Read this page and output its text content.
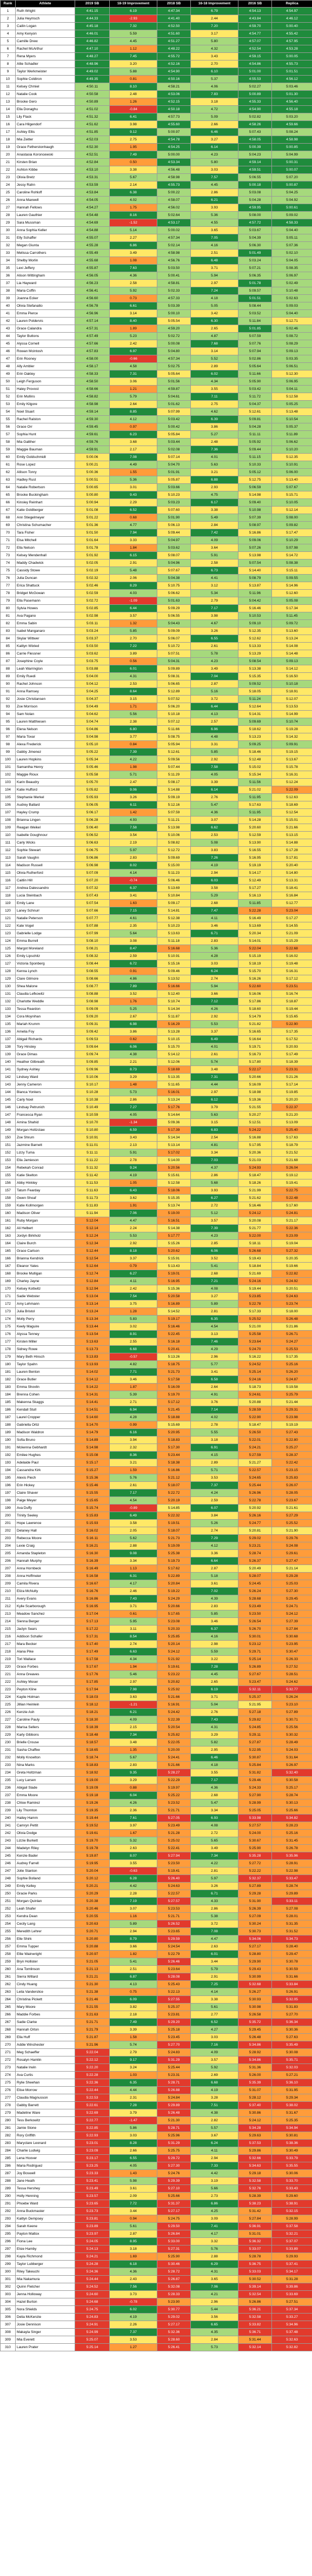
Rank	Athlete	2019 SB	18-19 Improvement	2018 SB	16-18 Improvement	2016 SB	Replica
1	Ruth Wright	4:41.15	6.19	4:47.34	6.79	4:54.13	4:54.97
2	Julia Heymsch	4:44.33	-2.93	4:41.40	2.44	4:43.84	4:46.12
3	Cailin Logan	4:45.18	7.32	4:52.50	7.20	4:59.70	5:00.40
4	Amy Kenyon	4:46.01	5.59	4:51.60	3.17	4:54.77	4:55.42
5	Camille Drew	4:46.82	4.45	4:51.27	5.80	4:57.07	4:57.95
6	Rachel McArthur	4:47.10	1.12	4:48.22	4.32	4:52.54	4:53.28
7	Rena Myers	4:48.27	7.45	4:55.72	3.43	4:59.15	5:00.05
8	Allie Schadler	4:48.96	3.20	4:52.16	2.70	4:54.86	4:55.73
9	Taylor Werkmeister	4:49.02	5.88	4:54.90	6.10	5:01.00	5:01.51
10	Sophie Coldiron	4:49.35	0.81	4:50.16	5.37	4:55.53	4:56.12
11	Kelsey Chmiel	4:50.11	8.10	4:58.21	4.06	5:02.27	5:03.46
12	Natalie Cook	4:50.58	2.48	4:53.06	7.83	5:00.89	5:01.30
13	Brooke Gero	4:50.89	1.26	4:52.15	3.18	4:55.33	4:56.40
14	Ella Donaghu	4:51.02	-0.84	4:50.18	4.72	4:54.90	4:55.18
15	Lily Flack	4:51.32	6.41	4:57.73	5.09	5:02.82	5:03.20
16	Cara Hilgendorf	4:51.62	3.98	4:55.60	2.66	4:58.26	4:59.66
17	Ashley Ellis	4:51.85	9.12	5:00.97	6.46	5:07.43	5:08.24
18	Mia Zeitler	4:52.03	2.75	4:54.78	3.27	4:58.05	4:58.98
19	Grace Fetherstonhaugh	4:52.30	1.95	4:54.25	6.14	5:00.39	5:00.85
20	Anastasia Koroncewski	4:52.51	7.49	5:00.00	4.23	5:04.23	5:04.99
21	Kirsten Brian	4:52.84	0.50	4:53.34	5.80	4:59.14	5:00.31
22	Ashton Kibbe	4:53.10	3.38	4:56.48	3.03	4:59.51	5:00.07
23	Olivia Bretz	4:53.31	5.67	4:58.98	7.57	5:06.55	5:07.20
24	Jessy Rahn	4:53.59	2.14	4:55.73	4.45	5:00.18	5:00.87
25	Caroline Rohloff	4:53.84	6.38	5:00.22	2.86	5:03.08	5:04.25
26	Anna Maxwell	4:54.05	4.02	4:58.07	6.21	5:04.28	5:04.92
27	Hannah Fellows	4:54.27	1.75	4:56.02	3.93	4:59.95	5:00.61
28	Lauren Gauthier	4:54.48	8.16	5:02.64	5.36	5:08.00	5:09.02
29	Sara Mussman	4:54.69	-1.52	4:53.17	4.55	4:57.72	4:58.33
30	Anna Sophia Keller	4:54.88	5.14	5:00.02	3.65	5:03.67	5:04.40
31	Elly Schaffer	4:55.07	2.27	4:57.34	7.05	5:04.39	5:05.11
32	Megan Giunta	4:55.28	6.86	5:02.14	4.16	5:06.30	5:07.36
33	Melissa Carrothers	4:55.49	3.49	4:58.98	2.51	5:01.49	5:02.10
34	Shelby Morlin	4:55.68	1.08	4:56.76	6.48	5:03.24	5:04.05
35	Lexi Jeffery	4:55.87	7.63	5:03.50	3.71	5:07.21	5:08.35
36	Alison Wittingham	4:56.05	4.36	5:00.41	5.94	5:06.35	5:06.97
37	Lia Hayward	4:56.23	2.58	4:58.81	2.97	5:01.78	5:02.49
38	Maria Coffin	4:56.41	5.92	5:02.33	7.24	5:09.57	5:10.48
39	Joanna Ecker	4:56.60	0.73	4:57.33	4.18	5:01.51	5:02.63
40	Olivia Stefanatto	4:56.78	6.61	5:03.39	5.05	5:08.44	5:09.03
41	Emma Pierce	4:56.96	3.14	5:00.10	3.42	5:03.52	5:04.40
42	Lauren Poldervis	4:57.14	8.40	5:05.54	6.30	5:11.84	5:12.71
43	Grace Calandra	4:57.31	1.89	4:59.20	2.65	5:01.85	5:02.46
44	Taylor Buttons	4:57.49	5.23	5:02.72	4.87	5:07.59	5:08.72
45	Alyssa Cornell	4:57.66	2.42	5:00.08	7.68	5:07.76	5:08.29
46	Rowan Mcintosh	4:57.83	6.97	5:04.80	3.14	5:07.94	5:09.13
47	Erin Rooney	4:58.00	-0.66	4:57.34	5.52	5:02.86	5:03.35
48	Ally Ambler	4:58.17	4.58	5:02.75	2.89	5:05.64	5:06.51
49	Erin Oakley	4:58.33	7.31	5:05.64	6.02	5:11.66	5:12.30
50	Leigh Ferguson	4:58.50	3.06	5:01.56	4.34	5:05.90	5:06.95
51	Haley Provost	4:58.66	1.21	4:59.87	3.55	5:03.42	5:04.11
52	Erin Mullins	4:58.82	5.79	5:04.61	7.11	5:11.72	5:12.58
53	Emily Kilgore	4:58.98	2.64	5:01.62	2.75	5:04.37	5:05.25
54	Noel Stuart	4:59.14	8.85	5:07.99	4.62	5:12.61	5:13.48
55	Rachel Ralston	4:59.30	4.12	5:03.42	6.39	5:09.81	5:10.54
56	Grace Orr	4:59.45	0.97	5:00.42	3.86	5:04.28	5:05.37
57	Sophia Hunt	4:59.61	6.23	5:05.84	5.27	5:11.11	5:11.89
58	Mia Galliher	4:59.76	3.68	5:03.44	2.48	5:05.92	5:06.62
59	Maggie Bauman	4:59.91	2.17	5:02.08	7.36	5:09.44	5:10.20
60	Emily Goldschmidt	5:00.06	7.08	5:07.14	4.01	5:11.15	5:12.35
61	Rose Lopez	5:00.21	4.49	5:04.70	5.63	5:10.33	5:10.91
62	Allison Tonry	5:00.36	1.55	5:01.91	3.21	5:05.12	5:06.00
63	Hadley Rust	5:00.51	5.36	5:05.87	6.88	5:12.75	5:13.40
64	Natalie Robertson	5:00.65	3.01	5:03.66	2.93	5:06.59	5:07.67
65	Brooke Buckingham	5:00.80	9.43	5:10.23	4.75	5:14.98	5:15.71
66	Kinsley Reinhart	5:00.94	2.29	5:03.23	6.17	5:09.40	5:10.05
67	Katie Goldberger	5:01.08	6.52	5:07.60	3.38	5:10.98	5:12.14
68	Ann Stiegelmeyer	5:01.22	0.68	5:01.90	5.49	5:07.39	5:08.00
69	Christina Schumacher	5:01.36	4.77	5:06.13	2.84	5:08.97	5:09.82
70	Tara Fisher	5:01.50	7.94	5:09.44	7.42	5:16.86	5:17.47
71	Elsa Mitchell	5:01.64	3.33	5:04.97	4.09	5:09.06	5:10.29
72	Ella Nelson	5:01.78	1.84	5:03.62	3.64	5:07.26	5:07.98
73	Kelsey Mendenhall	5:01.92	6.15	5:08.07	5.91	5:13.98	5:14.72
74	Maddy Chadwick	5:02.05	2.91	5:04.96	2.58	5:07.54	5:08.38
75	Cassidy Stowe	5:02.19	5.48	5:07.67	6.73	5:14.40	5:15.11
76	Julia Duncan	5:02.32	2.06	5:04.38	4.41	5:08.79	5:09.55
77	Erica Shattuck	5:02.46	8.29	5:10.75	3.12	5:13.87	5:14.96
78	Bridget McGowan	5:02.59	4.03	5:06.62	5.34	5:11.96	5:12.60
79	Ella Pasemann	5:02.72	-1.09	5:01.63	2.79	5:04.42	5:05.08
80	Sylvia Howes	5:02.85	6.44	5:09.29	7.17	5:16.46	5:17.34
81	Ava Pagano	5:02.98	3.57	5:06.55	3.98	5:10.53	5:11.45
82	Emma Sabin	5:03.11	1.32	5:04.43	4.67	5:09.10	5:09.72
83	Isabel Manganaro	5:03.24	5.85	5:09.09	3.26	5:12.35	5:13.60
84	Skylar Wittwer	5:03.37	2.70	5:06.07	6.55	5:12.62	5:13.24
85	Kaitlyn Wixted	5:03.50	7.22	5:10.72	2.61	5:13.33	5:14.08
86	Carrie Flessner	5:03.62	3.89	5:07.51	5.78	5:13.29	5:14.48
87	Josephine Coyle	5:03.75	0.56	5:04.31	4.23	5:08.54	5:09.13
88	Leah Warrington	5:03.88	6.01	5:09.89	3.49	5:13.38	5:14.12
89	Emily Ruedi	5:04.00	4.31	5:08.31	7.04	5:15.35	5:16.50
90	Rachel Johnson	5:04.12	2.53	5:06.65	2.87	5:09.52	5:10.18
91	Anna Ramsey	5:04.25	8.64	5:12.89	5.16	5:18.05	5:18.91
92	Josie Christiansen	5:04.37	3.15	5:07.52	3.72	5:11.24	5:12.07
93	Zoe Morrison	5:04.49	1.71	5:06.20	6.44	5:12.64	5:13.53
94	Sam Nolan	5:04.62	5.56	5:10.18	4.13	5:14.31	5:14.99
95	Lauren Matthiesen	5:04.74	2.38	5:07.12	2.57	5:09.69	5:10.74
96	Elena Nelson	5:04.86	6.80	5:11.66	6.96	5:18.62	5:19.28
97	Maria Tovar	5:04.98	3.77	5:08.75	4.48	5:13.23	5:14.32
98	Alexa Frederick	5:05.10	0.84	5:05.94	3.31	5:09.25	5:09.91
99	Gabby Jimenez	5:05.22	7.39	5:12.61	5.85	5:18.46	5:19.15
100	Lauren Hopkins	5:05.34	4.22	5:09.56	2.92	5:12.48	5:13.67
101	Samantha Henry	5:05.46	1.98	5:07.44	7.58	5:15.02	5:15.78
102	Maggie Rioux	5:05.58	5.71	5:11.29	4.05	5:15.34	5:16.31
103	Karin Beaudry	5:05.70	2.47	5:08.17	3.39	5:11.56	5:12.24
104	Katie Hufford	5:05.82	9.06	5:14.88	6.14	5:21.02	5:22.09
105	Stephanie Merkel	5:05.93	3.26	5:09.19	2.76	5:11.95	5:12.63
106	Audrey Ballard	5:06.05	6.11	5:12.16	5.47	5:17.63	5:18.69
107	Hayley Crump	5:06.17	1.42	5:07.59	4.36	5:11.95	5:12.54
108	Brianna Lingen	5:06.28	4.93	5:11.21	3.07	5:14.28	5:15.01
109	Reagan Weikel	5:06.40	7.58	5:13.98	6.62	5:20.60	5:21.66
110	Isabelle Goughnour	5:06.52	3.54	5:10.06	2.53	5:12.59	5:13.15
111	Carly Wicks	5:06.63	2.19	5:08.82	5.08	5:13.90	5:14.88
112	Sophie Stewart	5:06.75	5.97	5:12.72	3.83	5:16.55	5:17.28
113	Sarah Vaughn	5:06.86	2.83	5:09.69	7.26	5:16.95	5:17.81
114	Madison Russell	5:06.98	8.02	5:15.00	4.19	5:19.19	5:20.40
115	Olivia Rutherford	5:07.09	4.14	5:11.23	2.94	5:14.17	5:14.80
116	Caitlin Hill	5:07.20	-0.74	5:06.46	6.03	5:12.49	5:13.31
117	Andrea Dalessandro	5:07.32	6.37	5:13.69	3.58	5:17.27	5:18.41
118	Lucia Steinbach	5:07.43	3.41	5:10.84	5.29	5:16.13	5:16.84
119	Emily Lane	5:07.54	1.63	5:09.17	2.68	5:11.85	5:12.77
120	Laney Schnurr	5:07.66	7.15	5:14.81	7.47	5:22.28	5:23.04
121	Natalie Peterson	5:07.77	4.61	5:12.38	4.11	5:16.49	5:17.27
122	Kate Vogel	5:07.88	2.35	5:10.23	3.46	5:13.69	5:14.55
123	Gabrielle Lodge	5:07.99	5.64	5:13.63	6.71	5:20.34	5:21.09
124	Emma Burrell	5:08.10	3.08	5:11.18	2.83	5:14.01	5:15.29
125	Margot Moreland	5:08.21	8.47	5:16.68	5.36	5:22.04	5:22.68
126	Emily Lipschitz	5:08.32	2.59	5:10.91	4.28	5:15.19	5:16.02
127	Victoria Sponberg	5:08.44	6.72	5:15.16	3.03	5:18.19	5:19.48
128	Kenna Lynch	5:08.55	0.91	5:09.46	6.24	5:15.70	5:16.31
129	Clare Gilmore	5:08.66	4.86	5:13.52	2.74	5:16.26	5:17.12
130	Shea Malone	5:08.77	7.89	5:16.66	5.94	5:22.60	5:23.51
131	Claudia Lefkowitz	5:08.88	3.52	5:12.40	3.66	5:16.06	5:16.74
132	Charlotte Weddle	5:08.98	1.76	5:10.74	7.12	5:17.86	5:18.87
133	Tessa Reardon	5:09.09	5.25	5:14.34	4.26	5:18.60	5:19.44
134	Cora Moynihan	5:09.20	2.67	5:11.87	2.92	5:14.79	5:15.65
135	Mariah Krumm	5:09.31	6.98	5:16.29	5.53	5:21.82	5:22.90
136	Amelia Foy	5:09.42	3.86	5:13.28	3.37	5:16.65	5:17.35
137	Abigail Richards	5:09.53	0.62	5:10.15	6.49	5:16.64	5:17.52
138	Tory Hinsley	5:09.64	6.06	5:15.70	4.01	5:19.71	5:20.93
139	Grace Dimas	5:09.74	4.38	5:14.12	2.61	5:16.73	5:17.49
140	Heather Gilbreath	5:09.85	2.21	5:12.06	5.74	5:17.80	5:18.39
141	Sydney Ashley	5:09.96	8.73	5:18.69	3.48	5:22.17	5:23.31
142	Lindsey Ward	5:10.06	3.29	5:13.35	7.31	5:20.66	5:21.26
143	Jenny Cameron	5:10.17	1.48	5:11.65	4.44	5:16.09	5:17.14
144	Bianca Yonkers	5:10.28	5.73	5:16.01	2.97	5:18.98	5:19.85
145	Carly Noel	5:10.38	2.86	5:13.24	6.12	5:19.36	5:20.20
146	Lindsay Petrunich	5:10.49	7.27	5:17.76	3.79	5:21.55	5:22.37
147	Francesca Ryan	5:10.59	4.05	5:14.64	5.63	5:20.27	5:21.20
148	Amina Shahid	5:10.70	-1.34	5:09.36	3.15	5:12.51	5:13.09
149	Morgan Holtzclaw	5:10.80	6.59	5:17.39	6.83	5:24.22	5:25.40
150	Zoe Shrum	5:10.91	3.43	5:14.34	2.54	5:16.88	5:17.63
151	Jazmine Barnett	5:11.01	2.13	5:13.14	4.81	5:17.95	5:18.79
152	Lizzy Tuma	5:11.11	5.91	5:17.02	3.34	5:20.36	5:21.52
153	Ella Jamieson	5:11.22	2.78	5:14.00	7.03	5:21.03	5:21.68
154	Rebekah Conrad	5:11.32	9.24	5:20.56	4.37	5:24.93	5:26.04
155	Katie Skelton	5:11.42	4.19	5:15.61	2.86	5:18.47	5:19.12
156	Abby Hinkley	5:11.53	1.05	5:12.58	5.68	5:18.26	5:19.41
157	Tatum Fearday	5:11.63	6.43	5:18.06	3.93	5:21.99	5:22.75
158	Gwen Shoaf	5:11.73	3.62	5:15.35	6.27	5:21.62	5:22.48
159	Katie Kollmorgen	5:11.83	1.91	5:13.74	2.72	5:16.46	5:17.60
160	Madison Oliver	5:11.94	7.06	5:19.00	5.12	5:24.12	5:24.81
161	Ruby Morgan	5:12.04	4.47	5:16.51	3.57	5:20.08	5:21.17
162	Ali Helbert	5:12.14	2.24	5:14.38	7.39	5:21.77	5:22.36
163	Jordyn Birkholz	5:12.24	5.53	5:17.77	4.23	5:22.00	5:23.09
164	Claire Burch	5:12.34	2.92	5:15.26	2.85	5:18.11	5:19.04
165	Grace Carlson	5:12.44	8.18	5:20.62	6.06	5:26.68	5:27.32
166	Brianna Kendrick	5:12.54	3.37	5:15.91	3.52	5:19.43	5:20.35
167	Eleanor Yates	5:12.64	0.79	5:13.43	5.41	5:18.84	5:19.66
168	Brooke Mulligan	5:12.74	6.27	5:19.01	2.68	5:21.69	5:22.82
169	Charley Jayne	5:12.84	4.11	5:16.95	7.21	5:24.16	5:24.92
170	Kelsey Kottwitz	5:12.94	2.42	5:15.36	4.08	5:19.44	5:20.51
171	Sadie Webster	5:13.04	7.54	5:20.58	3.27	5:23.85	5:24.63
172	Amy Lehmann	5:13.14	3.75	5:16.89	5.89	5:22.78	5:23.74
173	Julia Bristol	5:13.24	1.28	5:14.52	2.81	5:17.33	5:18.00
174	Molly Perry	5:13.34	5.83	5:19.17	6.35	5:25.52	5:26.48
175	Keely Maguire	5:13.44	3.02	5:16.46	4.54	5:21.00	5:21.86
176	Alyssa Tenney	5:13.54	8.91	5:22.45	3.13	5:25.58	5:26.71
177	Kirsten Miller	5:13.63	2.55	5:16.18	7.46	5:23.64	5:24.27
178	Sidney Rowe	5:13.73	6.68	5:20.41	4.29	5:24.70	5:25.53
179	Mary Beth Hinsch	5:13.83	-0.57	5:13.26	2.96	5:16.22	5:17.35
180	Taylor Spahn	5:13.93	4.82	5:18.75	5.77	5:24.52	5:25.16
181	Lauren Benton	5:14.02	7.71	5:21.73	3.41	5:25.14	5:26.20
182	Grace Butler	5:14.12	3.46	5:17.58	6.58	5:24.16	5:24.87
183	Emma Shovlin	5:14.22	1.87	5:16.09	2.64	5:18.73	5:19.58
184	Brenna Cohen	5:14.31	5.39	5:19.70	4.91	5:24.61	5:25.79
185	Makenna Skaggs	5:14.41	2.71	5:17.12	3.76	5:20.88	5:21.44
186	Kendall Stull	5:14.51	6.94	5:21.45	7.14	5:28.59	5:29.31
187	Laurel Cropper	5:14.60	4.28	5:18.88	4.02	5:22.90	5:23.98
188	Gabriella Ortiz	5:14.70	0.99	5:15.69	2.78	5:18.47	5:19.19
189	Madison Waldron	5:14.79	6.16	5:20.95	5.55	5:26.50	5:27.43
190	Sofia Bruno	5:14.89	3.94	5:18.83	3.18	5:22.01	5:22.80
191	Mckenna Gebhardt	5:14.98	2.32	5:17.30	6.91	5:24.21	5:25.27
192	Emilee Hughes	5:15.08	8.36	5:23.44	4.15	5:27.59	5:28.37
193	Adelaide Paul	5:15.17	3.21	5:18.38	2.89	5:21.27	5:22.42
194	Cassandra Kirk	5:15.27	1.59	5:16.86	5.71	5:22.57	5:23.15
195	Alexis Piech	5:15.36	5.76	5:21.12	3.53	5:24.65	5:25.83
196	Erin Hickey	5:15.46	2.61	5:18.07	7.37	5:25.44	5:26.07
197	Claire Shaver	5:15.55	7.17	5:22.72	4.24	5:26.96	5:28.05
198	Paige Meyer	5:15.65	4.54	5:20.19	2.59	5:22.78	5:23.67
199	Ava Duffy	5:15.74	-0.89	5:14.85	6.07	5:20.92	5:21.61
200	Trinity Seeley	5:15.83	6.49	5:22.32	3.84	5:26.16	5:27.29
201	Hope Lawrence	5:15.93	3.58	5:19.51	5.26	5:24.77	5:25.52
202	Delaney Hall	5:16.02	2.05	5:18.07	2.74	5:20.81	5:21.90
203	Rebecca Moore	5:16.11	5.62	5:21.73	7.29	5:29.02	5:29.76
204	Lexie Craig	5:16.21	2.88	5:19.09	4.12	5:23.21	5:24.08
205	Amanda Stapleton	5:16.30	9.08	5:25.38	3.36	5:28.74	5:29.61
206	Hannah Murphy	5:16.39	3.34	5:19.73	6.64	5:26.37	5:27.47
207	Anna Hornbeck	5:16.49	1.13	5:17.62	2.87	5:20.49	5:21.14
208	Anna Hoffmeier	5:16.58	6.31	5:22.89	5.18	5:28.07	5:29.28
209	Camila Rivera	5:16.67	4.17	5:20.84	3.61	5:24.45	5:25.03
210	Eliza McNulty	5:16.76	2.46	5:19.22	7.02	5:26.24	5:27.30
211	Avery Evans	5:16.86	7.43	5:24.29	4.39	5:28.68	5:29.45
212	Kylie Scarborough	5:16.95	3.71	5:20.66	2.83	5:23.49	5:24.71
213	Meadow Sanchez	5:17.04	0.61	5:17.65	5.85	5:23.50	5:24.12
214	Sienna Berger	5:17.13	5.95	5:23.08	3.46	5:26.54	5:27.39
215	Jaclyn Sears	5:17.22	3.11	5:20.33	6.37	5:26.70	5:27.84
216	Addison Schafer	5:17.31	8.54	5:25.85	4.16	5:30.01	5:30.68
217	Mara Becker	5:17.40	2.74	5:20.14	2.98	5:23.12	5:23.95
218	Alana Pike	5:17.49	6.63	5:24.12	5.59	5:29.71	5:30.47
219	Tori Wallace	5:17.58	4.34	5:21.92	3.22	5:25.14	5:26.33
220	Grace Forbes	5:17.67	1.94	5:19.61	7.28	5:26.89	5:27.52
221	Anna Greaves	5:17.76	5.46	5:23.22	4.45	5:27.67	5:28.51
222	Ashley Moser	5:17.85	2.97	5:20.82	2.65	5:23.47	5:24.62
223	Peyton Kline	5:17.94	7.98	5:25.92	6.19	5:32.11	5:32.77
224	Kaylie Holman	5:18.03	3.63	5:21.66	3.71	5:25.37	5:26.24
225	Jillian Heinlein	5:18.12	-1.21	5:16.91	5.04	5:21.95	5:23.10
226	Kenzie Ash	5:18.21	6.21	5:24.42	2.76	5:27.18	5:27.89
227	Caroline Pauly	5:18.30	4.09	5:22.39	7.43	5:29.82	5:30.71
228	Marisa Sellers	5:18.39	2.15	5:20.54	4.31	5:24.85	5:25.56
229	Karly Gibbons	5:18.48	7.34	5:25.82	3.29	5:29.11	5:30.32
230	Brielle Crouse	5:18.57	3.48	5:22.05	5.82	5:27.87	5:28.49
231	Sasha Chaffee	5:18.65	1.35	5:20.00	2.95	5:22.95	5:24.03
232	Molly Knowlton	5:18.74	5.67	5:24.41	6.46	5:30.87	5:31.64
233	Nina Marks	5:18.83	2.83	5:21.66	4.18	5:25.84	5:26.97
234	Greta Holtzman	5:18.92	9.35	5:28.27	3.55	5:31.82	5:32.40
235	Lucy Larsen	5:19.00	3.29	5:22.29	7.17	5:29.46	5:30.58
236	Abigail Slade	5:19.09	0.88	5:19.97	4.36	5:24.33	5:25.17
237	Emma Moore	5:19.18	6.04	5:25.22	2.68	5:27.90	5:28.74
238	Chloe Ramirez	5:19.26	4.26	5:23.52	5.47	5:28.99	5:30.13
239	Lily Thornton	5:19.35	2.36	5:21.71	3.34	5:25.05	5:25.66
240	Hailey Hamm	5:19.44	7.61	5:27.05	6.93	5:33.98	5:34.82
241	Camryn Pettit	5:19.52	3.97	5:23.49	4.08	5:27.57	5:28.23
242	Olivia Dodge	5:19.61	1.67	5:21.28	2.72	5:24.00	5:25.16
243	Lizzie Burkett	5:19.70	5.32	5:25.02	5.65	5:30.67	5:31.45
244	Madelyn Riley	5:19.78	2.63	5:22.41	3.49	5:25.90	5:26.78
245	Kenzie Bader	5:19.87	8.07	5:27.94	7.34	5:35.28	5:35.96
246	Audrey Farrell	5:19.95	3.55	5:23.50	4.22	5:27.72	5:28.91
247	Jolie Stanton	5:20.04	-0.63	5:19.41	2.81	5:22.22	5:22.98
248	Sophie Bolland	5:20.12	6.28	5:26.40	5.97	5:32.37	5:33.47
249	Emily Kelley	5:20.21	4.42	5:24.63	3.26	5:27.89	5:28.74
250	Gracie Parks	5:20.29	2.28	5:22.57	6.71	5:29.28	5:29.89
251	Morgan Quinlan	5:20.38	7.19	5:27.57	4.33	5:31.90	5:33.11
252	Leah Shafer	5:20.46	3.07	5:23.53	2.86	5:26.39	5:27.08
253	Kendra Dean	5:20.55	1.16	5:21.71	5.38	5:27.09	5:28.01
254	Cecily Lang	5:20.63	5.89	5:26.52	3.72	5:30.24	5:31.35
255	Meredith Lehrer	5:20.71	2.94	5:23.65	7.08	5:30.73	5:31.52
256	Elle Shirk	5:20.80	8.79	5:29.59	4.47	5:34.06	5:34.73
257	Emma Tupper	5:20.88	3.66	5:24.54	2.63	5:27.17	5:28.40
258	Ellie Wainwright	5:20.97	1.82	5:22.79	6.01	5:28.80	5:29.47
259	Bryn Hollister	5:21.05	5.41	5:26.46	3.44	5:29.90	5:30.78
260	Ana Tomlinson	5:21.13	2.51	5:23.64	5.79	5:29.43	5:30.59
261	Sierra Willard	5:21.21	6.87	5:28.08	2.91	5:30.99	5:31.66
262	Cindy Huang	5:21.30	4.13	5:25.43	7.25	5:32.68	5:33.84
263	Leila Vanderslice	5:21.38	0.75	5:22.13	4.14	5:26.27	5:26.91
264	Christina Pickett	5:21.46	6.09	5:27.55	3.38	5:30.93	5:32.05
265	Mary Moore	5:21.55	3.82	5:25.37	5.61	5:30.98	5:31.83
266	Maddie Forbes	5:21.63	2.18	5:23.81	2.77	5:26.58	5:27.70
267	Sadie Clarke	5:21.71	7.49	5:29.20	6.52	5:35.72	5:36.34
268	Hannah Orton	5:21.79	3.39	5:25.18	4.27	5:29.45	5:30.36
269	Ella Huff	5:21.87	1.58	5:23.45	3.03	5:26.48	5:27.63
270	Addie Winchester	5:21.96	5.74	5:27.70	7.16	5:34.86	5:35.49
271	Meg Schaeffer	5:22.04	2.79	5:24.83	4.09	5:28.92	5:30.08
272	Rosalyn Hamlin	5:22.12	9.17	5:31.29	3.57	5:34.86	5:35.71
273	Natalie Irwin	5:22.20	3.24	5:25.44	5.92	5:31.36	5:32.03
274	Ava Curtis	5:22.28	1.03	5:23.31	2.69	5:26.00	5:27.21
275	Rylie Sheehan	5:22.36	6.35	5:28.71	6.68	5:35.39	5:36.10
276	Elise Morrow	5:22.44	4.44	5:26.88	4.19	5:31.07	5:31.95
277	Claudia Magnusson	5:22.53	2.31	5:24.84	3.28	5:28.12	5:29.34
278	Gabby Barrett	5:22.61	7.28	5:29.89	7.51	5:37.40	5:38.02
279	Madeline Ware	5:22.69	3.79	5:26.48	4.38	5:30.86	5:31.67
280	Tess Berkowitz	5:22.77	-1.47	5:21.30	2.82	5:24.12	5:25.35
281	Jamie Stone	5:22.85	5.86	5:28.71	5.57	5:34.28	5:34.94
282	Rory Griffith	5:22.93	3.03	5:25.96	3.67	5:29.63	5:30.81
283	Maryclare Leonard	5:23.01	8.28	5:31.29	6.24	5:37.53	5:38.36
284	Charlie Ludwig	5:23.09	2.66	5:25.75	4.11	5:29.86	5:30.49
285	Lena Hoover	5:23.17	6.55	5:29.72	2.94	5:32.66	5:33.79
286	Maria Rodriguez	5:23.25	4.05	5:27.30	7.33	5:34.63	5:35.55
287	Joy Boswell	5:23.33	1.43	5:24.76	4.42	5:29.18	5:30.06
288	Jane Heath	5:23.41	5.98	5:29.39	3.19	5:32.58	5:33.70
289	Tessa Hershey	5:23.49	3.61	5:27.10	5.66	5:32.76	5:33.43
290	Holly Henning	5:23.57	2.09	5:25.66	2.73	5:28.39	5:29.60
291	Phoebe Ward	5:23.65	7.72	5:31.37	6.86	5:38.23	5:38.91
292	Anna Buckmaster	5:23.73	3.44	5:27.17	4.25	5:31.42	5:32.15
293	Kaitlyn Dempsey	5:23.81	0.94	5:24.75	3.09	5:27.84	5:28.99
294	Sarah Keene	5:23.89	5.61	5:29.50	7.41	5:36.91	5:37.58
295	Payton Mattox	5:23.97	2.87	5:26.84	4.17	5:31.01	5:32.21
296	Fiona Lee	5:24.05	8.95	5:33.00	3.32	5:36.32	5:37.07
297	Elsie Hamby	5:24.13	3.18	5:27.31	5.76	5:33.07	5:33.89
298	Kayla Richmond	5:24.21	1.69	5:25.90	2.88	5:28.78	5:29.93
299	Taylor Lubberger	5:24.28	6.18	5:30.46	6.29	5:36.75	5:37.41
300	Riley Takeuchi	5:24.36	4.36	5:28.72	4.31	5:33.03	5:34.17
301	Mia Nakamura	5:24.44	2.43	5:26.87	3.65	5:30.52	5:31.28
302	Quinn Fletcher	5:24.52	7.56	5:32.08	7.06	5:39.14	5:39.86
303	Jenna Holloway	5:24.60	3.73	5:28.33	4.21	5:32.54	5:33.69
304	Hazel Burton	5:24.68	-0.78	5:23.90	2.96	5:26.86	5:27.51
305	Nora Shields	5:24.75	6.02	5:30.77	5.44	5:36.21	5:37.34
306	Delia McKenzie	5:24.83	4.19	5:29.02	3.56	5:32.58	5:33.27
307	Josie Dennison	5:24.91	2.26	5:27.17	6.65	5:33.82	5:34.96
308	Makayla Singer	5:24.99	7.37	5:32.36	4.35	5:36.71	5:37.48
309	Mia Everett	5:25.07	3.53	5:28.60	2.84	5:31.44	5:32.63
310	Lauren Prater	5:25.14	1.27	5:26.41	5.73	5:32.14	5:32.82
